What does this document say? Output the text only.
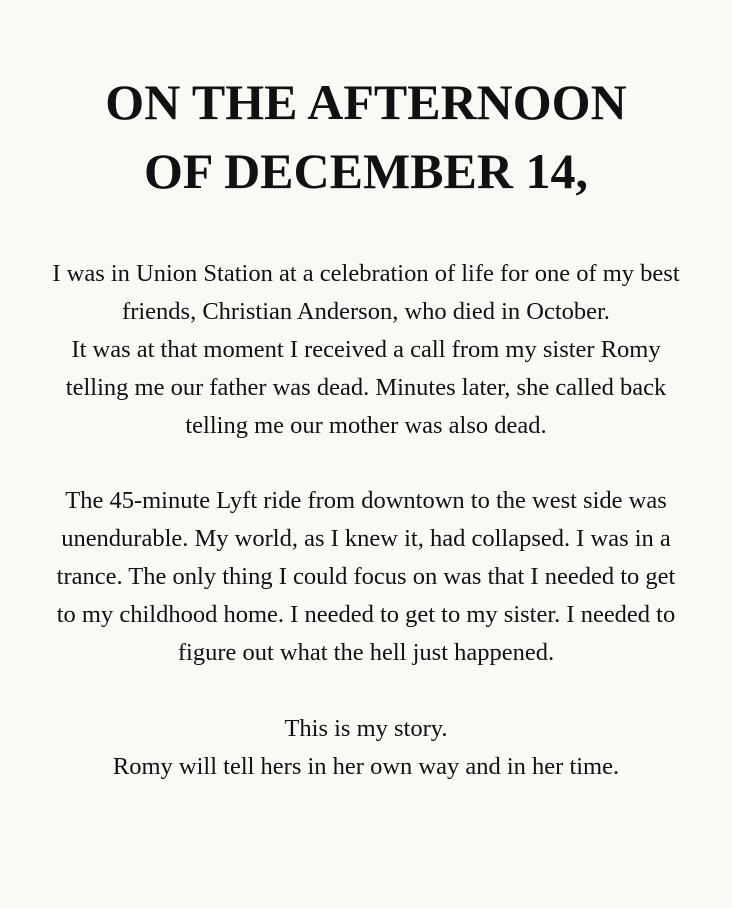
ON THE AFTERNOON
OF DECEMBER 14,
I was in Union Station at a celebration of life for one of my best
friends, Christian Anderson, who died in October.
It was at that moment I received a call from my sister Romy
telling me our father was dead. Minutes later, she called back
telling me our mother was also dead.
The 45-minute Lyft ride from downtown to the west side was
unendurable. My world, as I knew it, had collapsed. I was in a
trance. The only thing I could focus on was that I needed to get
to my childhood home. I needed to get to my sister. I needed to
figure out what the hell just happened.
This is my story.
Romy will tell hers in her own way and in her time.
